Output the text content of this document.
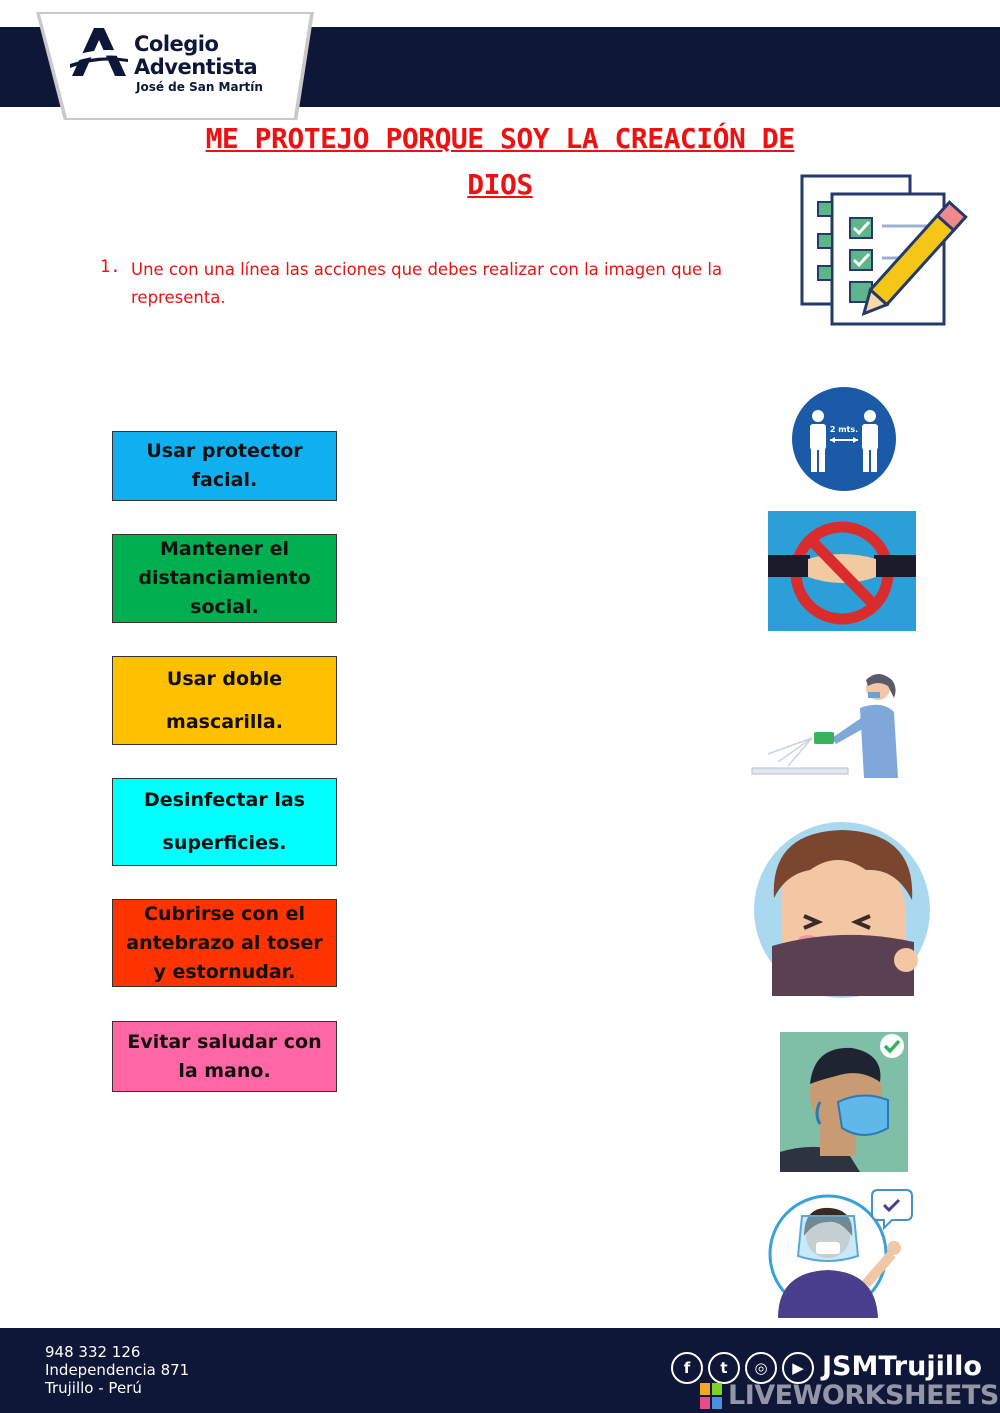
Colegio
Adventista
José de San Martín
ME PROTEJO PORQUE SOY LA CREACIÓN DE
DIOS
1. Une con una línea las acciones que debes realizar con la imagen que la representa.
Usar protector facial.
Mantener el distanciamiento social.
Usar doble mascarilla.
Desinfectar las superficies.
Cubrirse con el antebrazo al toser y estornudar.
Evitar saludar con la mano.
2 mts.
948 332 126
Independencia 871
Trujillo - Perú
f t ◎ ▶ JSMTrujillo
LIVEWORKSHEETS
